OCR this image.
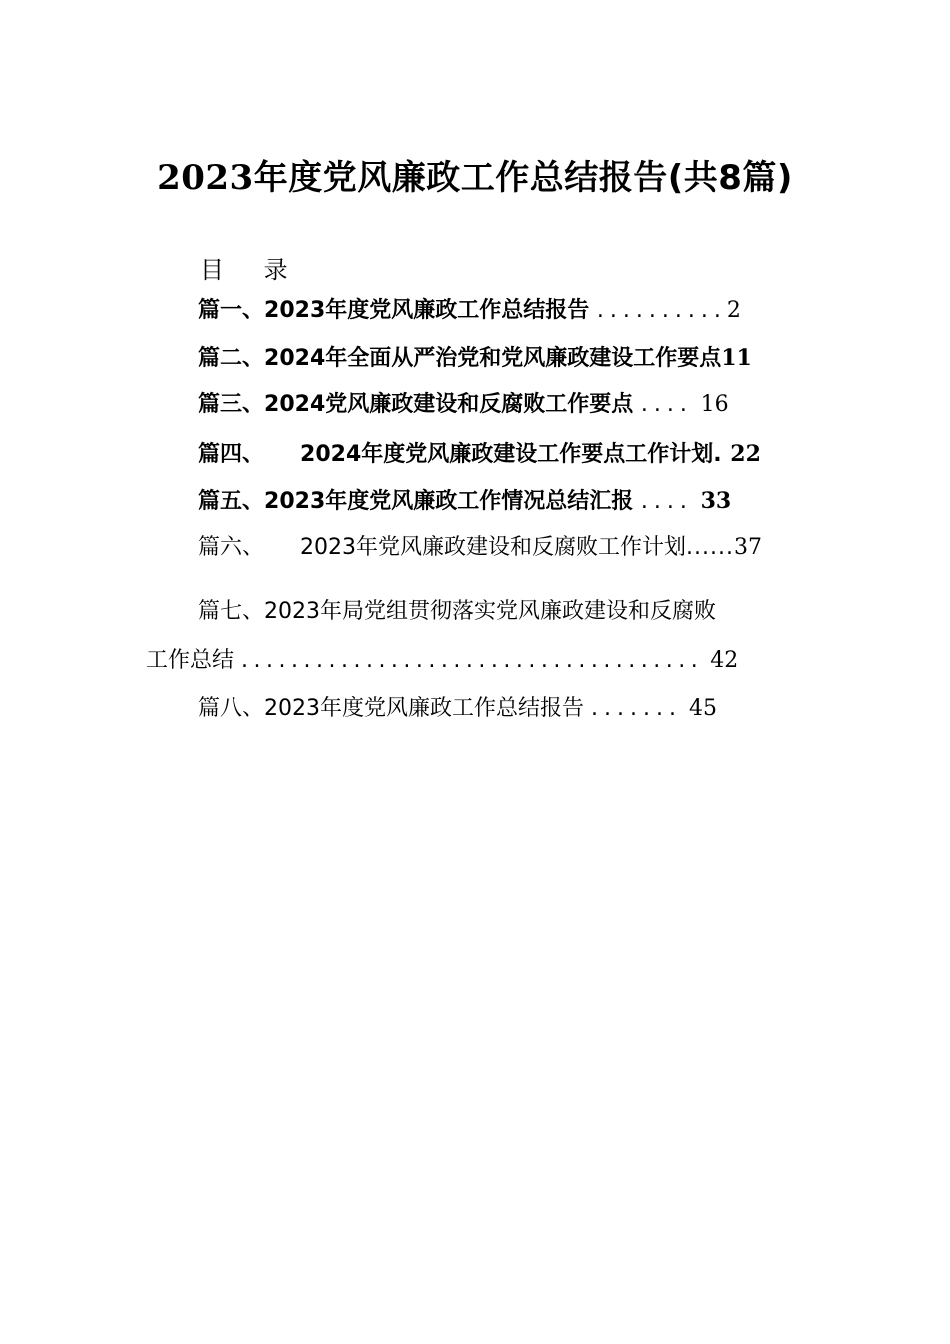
2023年度党风廉政工作总结报告(共8篇)
目 录
篇一、2023年度党风廉政工作总结报告 ..........2
篇二、2024年全面从严治党和党风廉政建设工作要点11
篇三、2024党风廉政建设和反腐败工作要点 .... 16
篇四、 2024年度党风廉政建设工作要点工作计划. 22
篇五、2023年度党风廉政工作情况总结汇报 .... 33
篇六、 2023年党风廉政建设和反腐败工作计划......37
篇七、2023年局党组贯彻落实党风廉政建设和反腐败
工作总结 ..................................... 42
篇八、2023年度党风廉政工作总结报告 ....... 45
